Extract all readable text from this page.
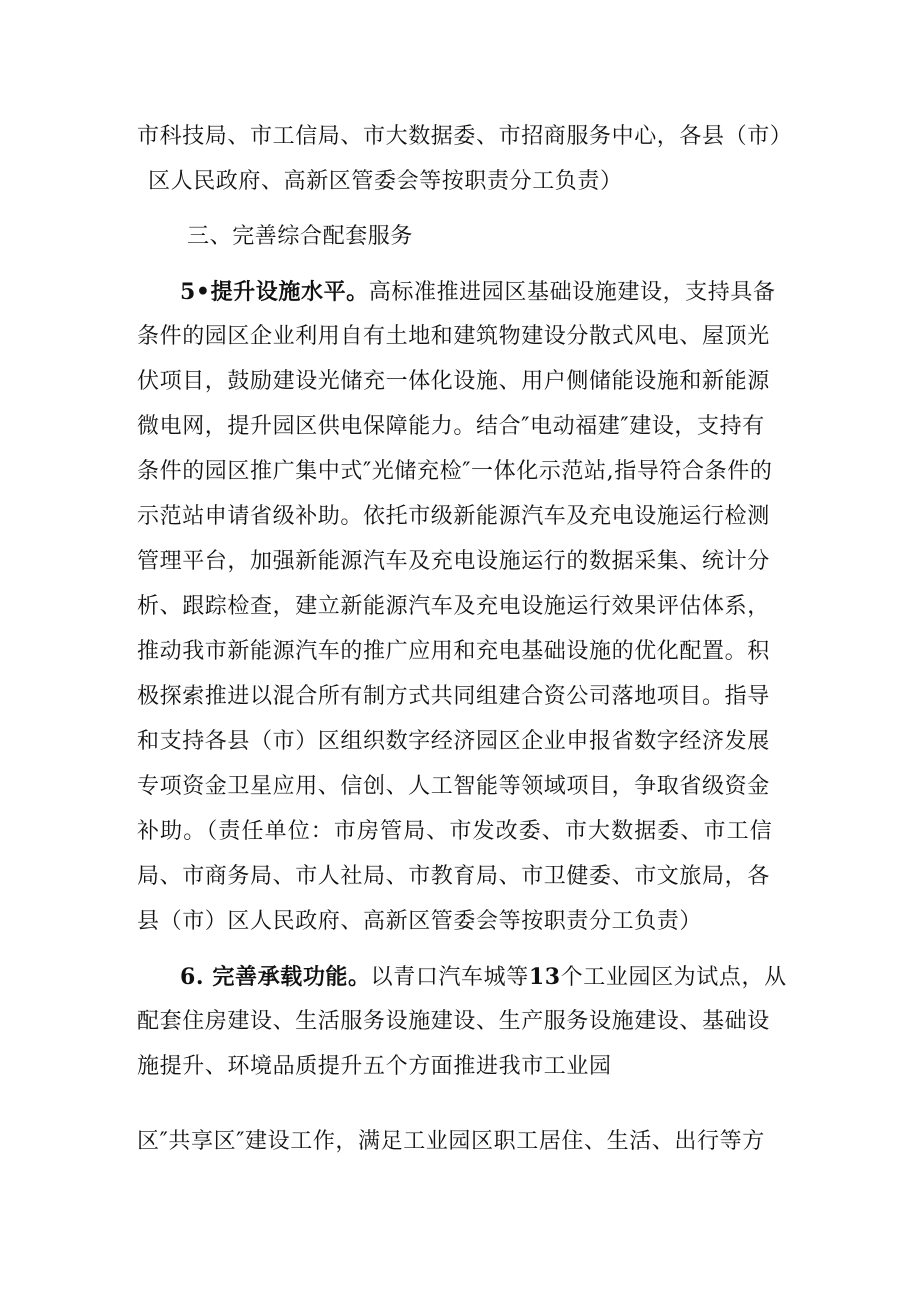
市科技局、市工信局、市大数据委、市招商服务中心，各县（市）
区人民政府、高新区管委会等按职责分工负责）
三、完善综合配套服务
5•提升设施水平。高标准推进园区基础设施建设，支持具备
条件的园区企业利用自有土地和建筑物建设分散式风电、屋顶光
伏项目，鼓励建设光储充一体化设施、用户侧储能设施和新能源
微电网，提升园区供电保障能力。结合″电动福建″建设，支持有
条件的园区推广集中式″光储充检″一体化示范站,指导符合条件的
示范站申请省级补助。依托市级新能源汽车及充电设施运行检测
管理平台，加强新能源汽车及充电设施运行的数据采集、统计分
析、跟踪检查，建立新能源汽车及充电设施运行效果评估体系，
推动我市新能源汽车的推广应用和充电基础设施的优化配置。积
极探索推进以混合所有制方式共同组建合资公司落地项目。指导
和支持各县（市）区组织数字经济园区企业申报省数字经济发展
专项资金卫星应用、信创、人工智能等领域项目，争取省级资金
补助。（责任单位：市房管局、市发改委、市大数据委、市工信
局、市商务局、市人社局、市教育局、市卫健委、市文旅局，各
县（市）区人民政府、高新区管委会等按职责分工负责）
6. 完善承载功能。以青口汽车城等13个工业园区为试点，从
配套住房建设、生活服务设施建设、生产服务设施建设、基础设
施提升、环境品质提升五个方面推进我市工业园
区″共享区″建设工作，满足工业园区职工居住、生活、出行等方
